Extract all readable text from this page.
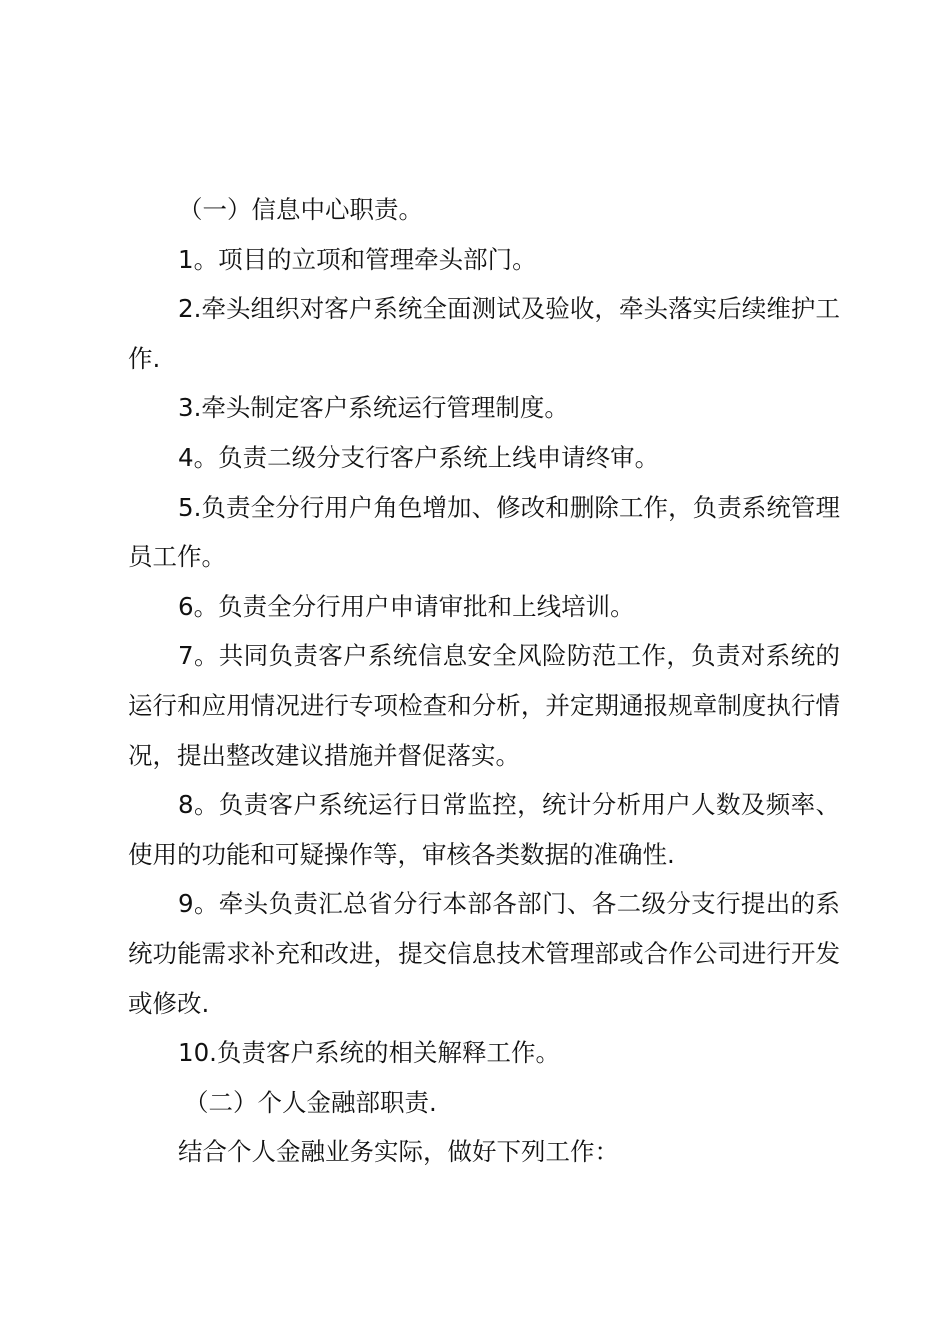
（一）信息中心职责。

1。项目的立项和管理牵头部门。

2.牵头组织对客户系统全面测试及验收，牵头落实后续维护工作.

3.牵头制定客户系统运行管理制度。

4。负责二级分支行客户系统上线申请终审。

5.负责全分行用户角色增加、修改和删除工作，负责系统管理员工作。

6。负责全分行用户申请审批和上线培训。

7。共同负责客户系统信息安全风险防范工作，负责对系统的运行和应用情况进行专项检查和分析，并定期通报规章制度执行情况，提出整改建议措施并督促落实。

8。负责客户系统运行日常监控，统计分析用户人数及频率、使用的功能和可疑操作等，审核各类数据的准确性.

9。牵头负责汇总省分行本部各部门、各二级分支行提出的系统功能需求补充和改进，提交信息技术管理部或合作公司进行开发或修改.

10.负责客户系统的相关解释工作。

（二）个人金融部职责.

结合个人金融业务实际，做好下列工作：
